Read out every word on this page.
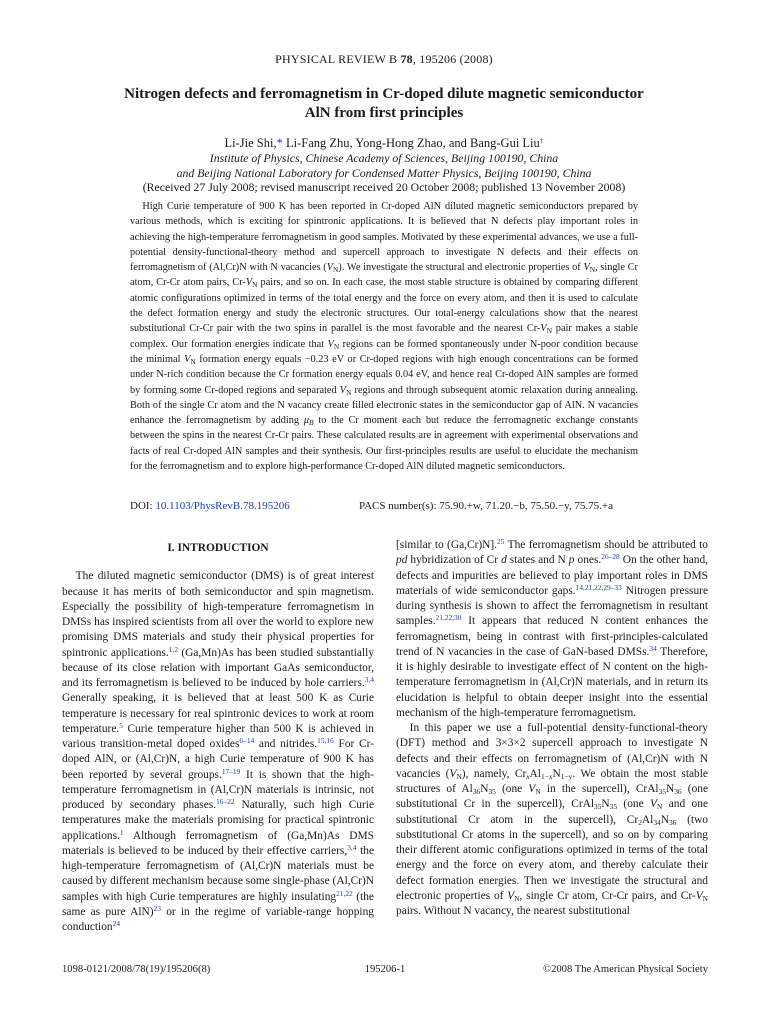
PHYSICAL REVIEW B 78, 195206 (2008)
Nitrogen defects and ferromagnetism in Cr-doped dilute magnetic semiconductor
AlN from first principles
Li-Jie Shi,* Li-Fang Zhu, Yong-Hong Zhao, and Bang-Gui Liu†
Institute of Physics, Chinese Academy of Sciences, Beijing 100190, China
and Beijing National Laboratory for Condensed Matter Physics, Beijing 100190, China
(Received 27 July 2008; revised manuscript received 20 October 2008; published 13 November 2008)

High Curie temperature of 900 K has been reported in Cr-doped AlN diluted magnetic semiconductors prepared by various methods, which is exciting for spintronic applications. It is believed that N defects play important roles in achieving the high-temperature ferromagnetism in good samples. Motivated by these experimental advances, we use a full-potential density-functional-theory method and supercell approach to investigate N defects and their effects on ferromagnetism of (Al,Cr)N with N vacancies $(V_N)$. We investigate the structural and electronic properties of $V_N$, single Cr atom, Cr-Cr atom pairs, $Cr-V_N$ pairs, and so on. In each case, the most stable structure is obtained by comparing different atomic configurations optimized in terms of the total energy and the force on every atom, and then it is used to calculate the defect formation energy and study the electronic structures. Our total-energy calculations show that the nearest substitutional Cr-Cr pair with the two spins in parallel is the most favorable and the nearest $Cr-V_N$ pair makes a stable complex. Our formation energies indicate that $V_N$ regions can be formed spontaneously under N-poor condition because the minimal $V_N$ formation energy equals −0.23 eV or Cr-doped regions with high enough concentrations can be formed under N-rich condition because the Cr formation energy equals 0.04 eV, and hence real Cr-doped AlN samples are formed by forming some Cr-doped regions and separated $V_N$ regions and through subsequent atomic relaxation during annealing. Both of the single Cr atom and the N vacancy create filled electronic states in the semiconductor gap of AlN. N vacancies enhance the ferromagnetism by adding $\mu_B$ to the Cr moment each but reduce the ferromagnetic exchange constants between the spins in the nearest Cr-Cr pairs. These calculated results are in agreement with experimental observations and facts of real Cr-doped AlN samples and their synthesis. Our first-principles results are useful to elucidate the mechanism for the ferromagnetism and to explore high-performance Cr-doped AlN diluted magnetic semiconductors.

DOI: 10.1103/PhysRevB.78.195206	PACS number(s): 75.90.+w, 71.20.−b, 75.50.−y, 75.75.+a
I. INTRODUCTION

The diluted magnetic semiconductor (DMS) is of great interest because it has merits of both semiconductor and spin magnetism. Especially the possibility of high-temperature ferromagnetism in DMSs has inspired scientists from all over the world to explore new promising DMS materials and study their physical properties for spintronic applications.$^{1,2}$ (Ga,Mn)As has been studied substantially because of its close relation with important GaAs semiconductor, and its ferromagnetism is believed to be induced by hole carriers.$^{3,4}$ Generally speaking, it is believed that at least 500 K as Curie temperature is necessary for real spintronic devices to work at room temperature.$^5$ Curie temperature higher than 500 K is achieved in various transition-metal doped oxides$^{6-14}$ and nitrides.$^{15,16}$ For Cr-doped AlN, or (Al,Cr)N, a high Curie temperature of 900 K has been reported by several groups.$^{17-19}$ It is shown that the high-temperature ferromagnetism in (Al,Cr)N materials is intrinsic, not produced by secondary phases.$^{16-22}$ Naturally, such high Curie temperatures make the materials promising for practical spintronic applications.$^1$ Although ferromagnetism of (Ga,Mn)As DMS materials is believed to be induced by their effective carriers,$^{3,4}$ the high-temperature ferromagnetism of (Al,Cr)N materials must be caused by different mechanism because some single-phase (Al,Cr)N samples with high Curie temperatures are highly insulating$^{21,22}$ (the same as pure AlN)$^{23}$ or in the regime of variable-range hopping conduction$^{24}$

[similar to (Ga,Cr)N].$^{25}$ The ferromagnetism should be attributed to pd hybridization of Cr d states and N p ones.$^{26-28}$ On the other hand, defects and impurities are believed to play important roles in DMS materials of wide semiconductor gaps.$^{14,21,22,29-33}$ Nitrogen pressure during synthesis is shown to affect the ferromagnetism in resultant samples.$^{21,22,30}$ It appears that reduced N content enhances the ferromagnetism, being in contrast with first-principles-calculated trend of N vacancies in the case of GaN-based DMSs.$^{34}$ Therefore, it is highly desirable to investigate effect of N content on the high-temperature ferromagnetism in (Al,Cr)N materials, and in return its elucidation is helpful to obtain deeper insight into the essential mechanism of the high-temperature ferromagnetism.

In this paper we use a full-potential density-functional-theory (DFT) method and 3×3×2 supercell approach to investigate N defects and their effects on ferromagnetism of (Al,Cr)N with N vacancies $(V_N)$, namely, $Cr_xAl_{1-x}N_{1-y}$. We obtain the most stable structures of $Al_{36}N_{35}$ (one $V_N$ in the supercell), $CrAl_{35}N_{36}$ (one substitutional Cr in the supercell), $CrAl_{35}N_{35}$ (one $V_N$ and one substitutional Cr atom in the supercell), $Cr_2Al_{34}N_{36}$ (two substitutional Cr atoms in the supercell), and so on by comparing their different atomic configurations optimized in terms of the total energy and the force on every atom, and thereby calculate their defect formation energies. Then we investigate the structural and electronic properties of $V_N$, single Cr atom, Cr-Cr pairs, and $Cr-V_N$ pairs. Without N vacancy, the nearest substitutional

1098-0121/2008/78(19)/195206(8)	195206-1	©2008 The American Physical Society
